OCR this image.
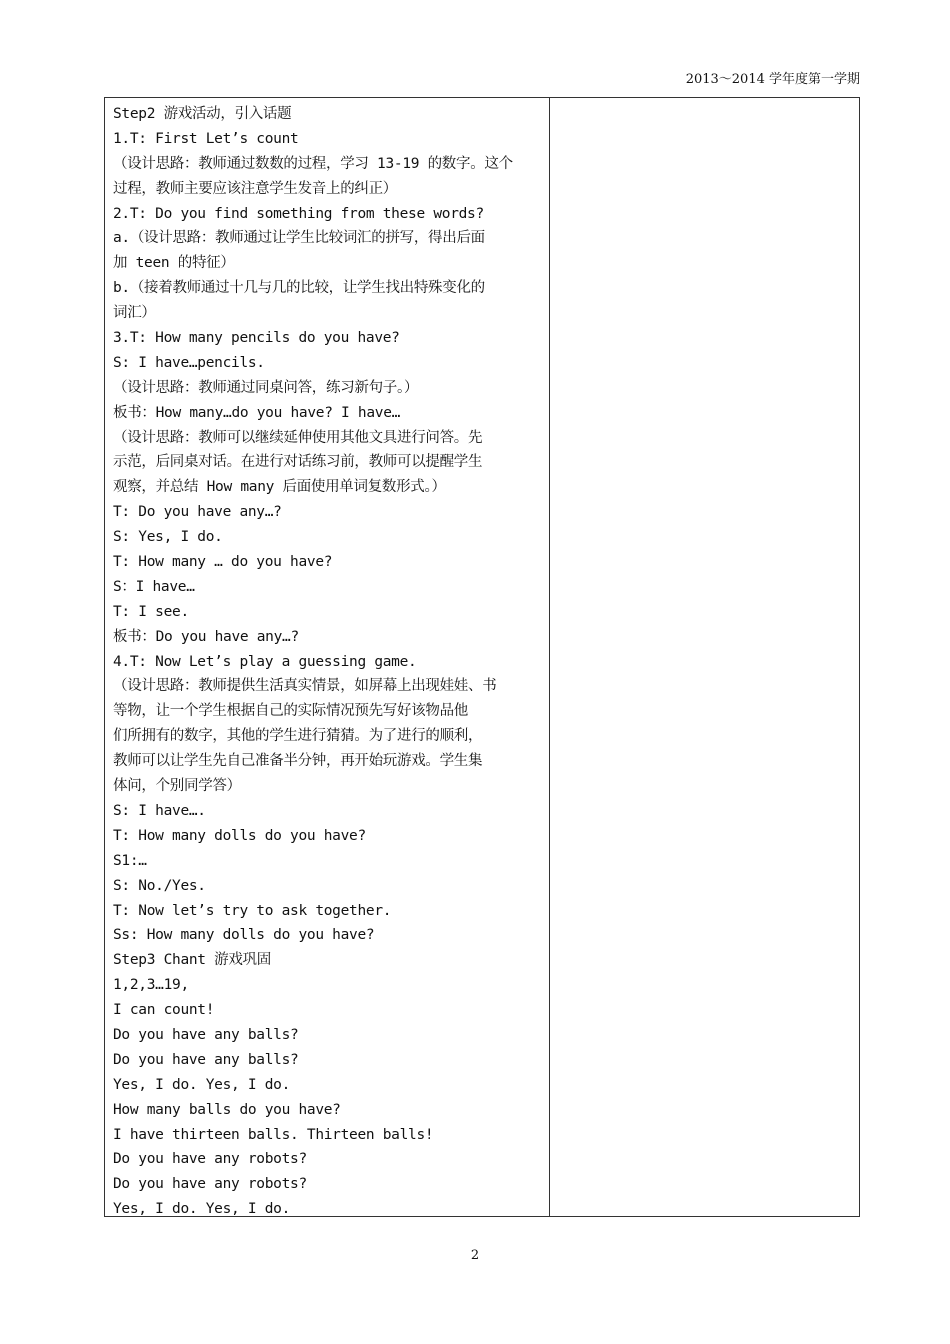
2013～2014 学年度第一学期
Step2 游戏活动，引入话题
1.T: First Let’s count
（设计思路：教师通过数数的过程，学习 13-19 的数字。这个
过程，教师主要应该注意学生发音上的纠正）
2.T: Do you find something from these words?
a.（设计思路：教师通过让学生比较词汇的拼写，得出后面
加 teen 的特征）
b.（接着教师通过十几与几的比较，让学生找出特殊变化的
词汇）
3.T: How many pencils do you have?
S: I have…pencils.
（设计思路：教师通过同桌问答，练习新句子。）
板书：How many…do you have? I have…
（设计思路：教师可以继续延伸使用其他文具进行问答。先
示范，后同桌对话。在进行对话练习前，教师可以提醒学生
观察，并总结 How many 后面使用单词复数形式。）
T: Do you have any…?
S: Yes, I do.
T: How many … do you have?
S：I have…
T: I see.
板书：Do you have any…?
4.T: Now Let’s play a guessing game.
（设计思路：教师提供生活真实情景，如屏幕上出现娃娃、书
等物，让一个学生根据自己的实际情况预先写好该物品他
们所拥有的数字，其他的学生进行猜猜。为了进行的顺利，
教师可以让学生先自己准备半分钟，再开始玩游戏。学生集
体问，个别同学答）
S: I have….
T: How many dolls do you have?
S1:…
S: No./Yes.
T: Now let’s try to ask together.
Ss: How many dolls do you have?
Step3 Chant 游戏巩固
1,2,3…19,
I can count!
Do you have any balls?
Do you have any balls?
Yes, I do. Yes, I do.
How many balls do you have?
I have thirteen balls. Thirteen balls!
Do you have any robots?
Do you have any robots?
Yes, I do. Yes, I do.
2
